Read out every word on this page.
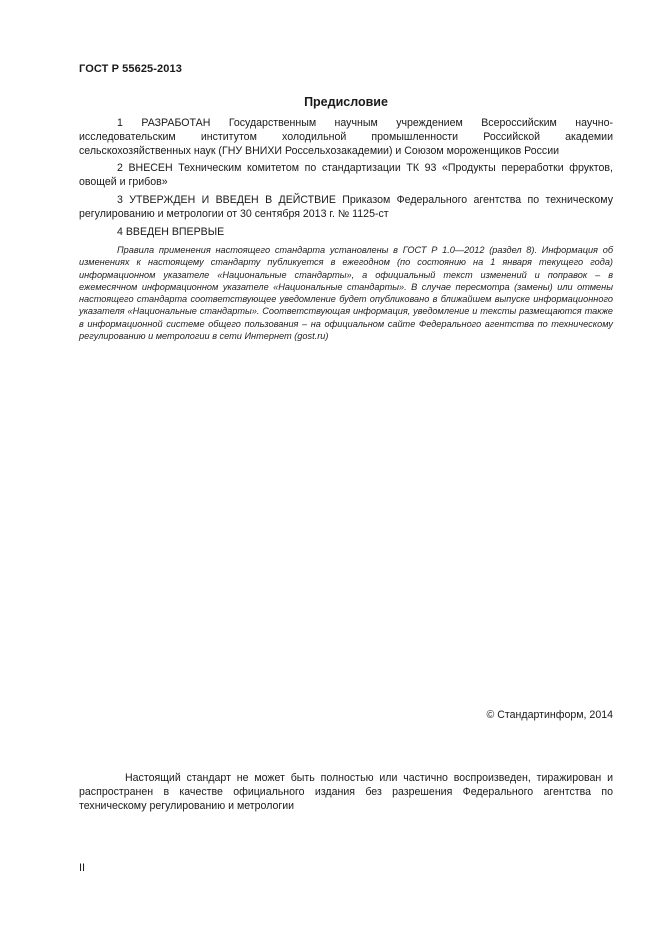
ГОСТ Р 55625-2013
Предисловие
1 РАЗРАБОТАН Государственным научным учреждением Всероссийским научно-исследовательским институтом холодильной промышленности Российской академии сельскохозяйственных наук (ГНУ ВНИХИ Россельхозакадемии) и Союзом мороженщиков России
2 ВНЕСЕН Техническим комитетом по стандартизации ТК 93 «Продукты переработки фруктов, овощей и грибов»
3 УТВЕРЖДЕН И ВВЕДЕН В ДЕЙСТВИЕ Приказом Федерального агентства по техническому регулированию и метрологии от 30 сентября 2013 г. № 1125-ст
4 ВВЕДЕН ВПЕРВЫЕ
Правила применения настоящего стандарта установлены в ГОСТ Р 1.0—2012 (раздел 8). Информация об изменениях к настоящему стандарту публикуется в ежегодном (по состоянию на 1 января текущего года) информационном указателе «Национальные стандарты», а официальный текст изменений и поправок – в ежемесячном информационном указателе «Национальные стандарты». В случае пересмотра (замены) или отмены настоящего стандарта соответствующее уведомление будет опубликовано в ближайшем выпуске информационного указателя «Национальные стандарты». Соответствующая информация, уведомление и тексты размещаются также в информационной системе общего пользования – на официальном сайте Федерального агентства по техническому регулированию и метрологии в сети Интернет (gost.ru)
© Стандартинформ, 2014
Настоящий стандарт не может быть полностью или частично воспроизведен, тиражирован и распространен в качестве официального издания без разрешения Федерального агентства по техническому регулированию и метрологии
II
